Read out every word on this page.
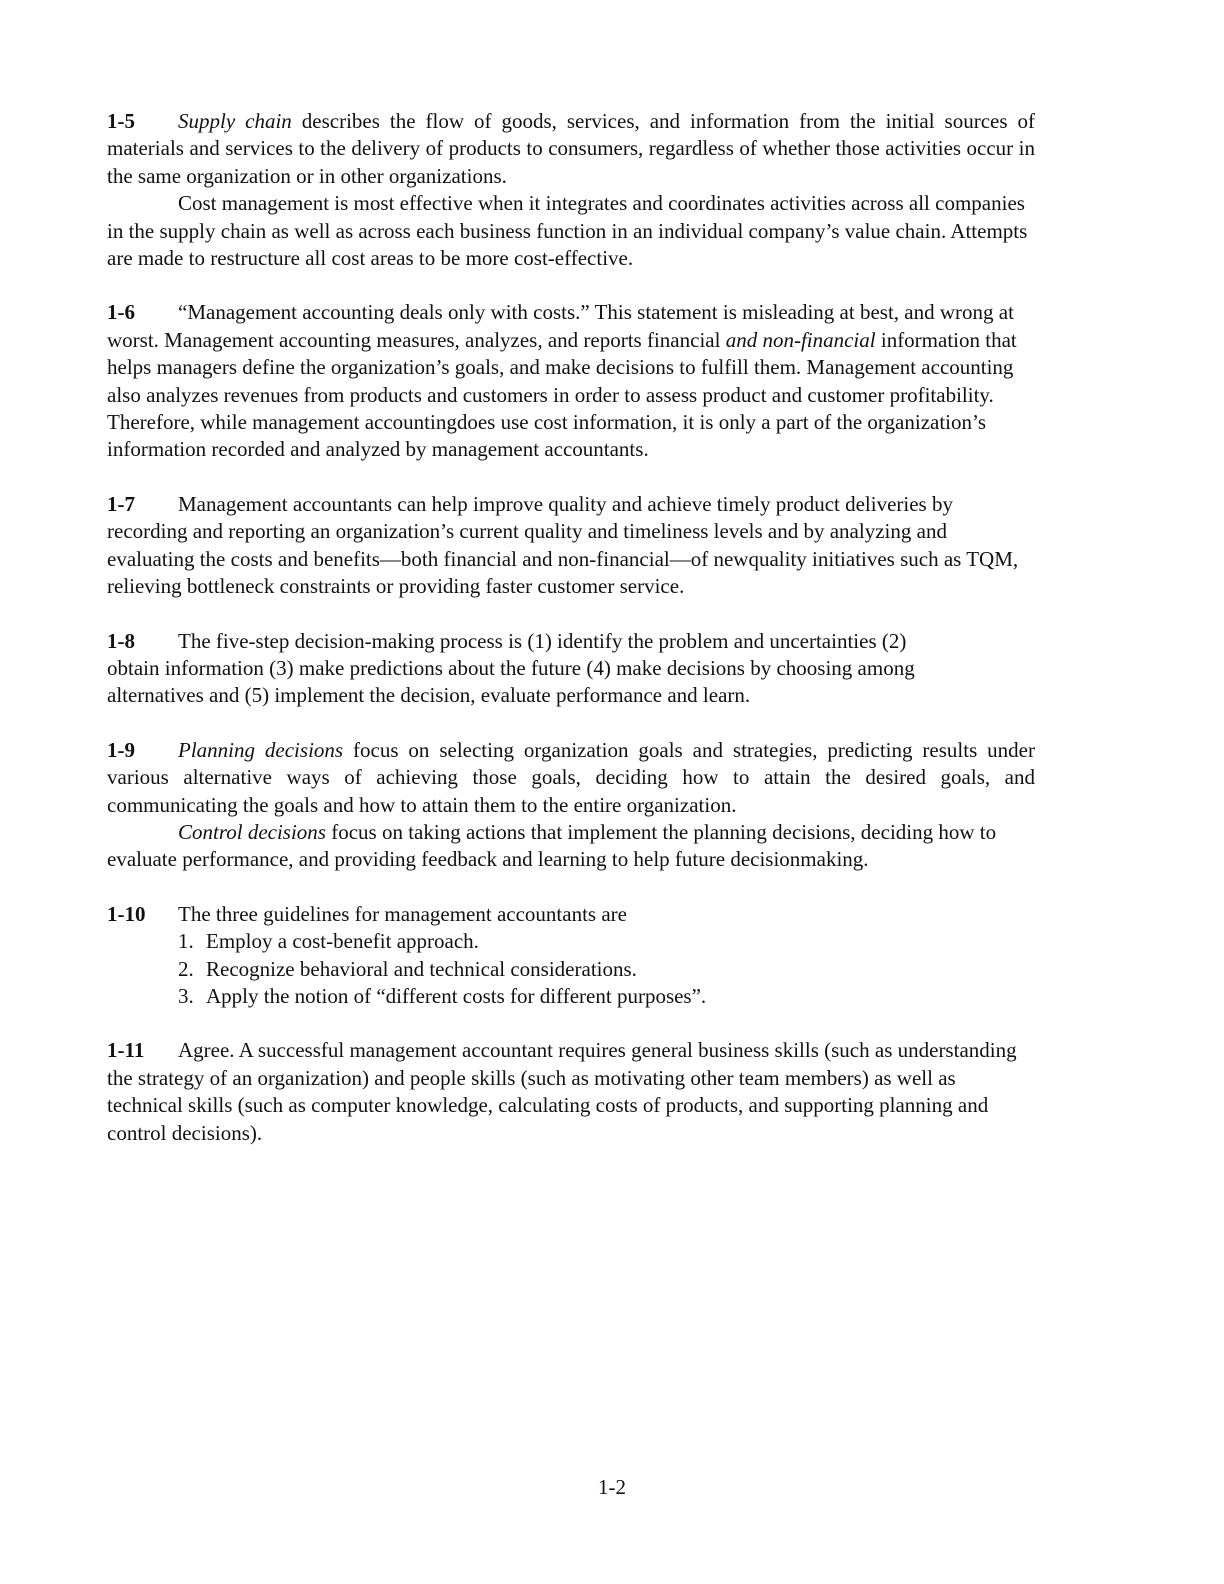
1-5 Supply chain describes the flow of goods, services, and information from the initial sources of materials and services to the delivery of products to consumers, regardless of whether those activities occur in the same organization or in other organizations.

Cost management is most effective when it integrates and coordinates activities across all companies in the supply chain as well as across each business function in an individual company’s value chain. Attempts are made to restructure all cost areas to be more cost-effective.

1-6 “Management accounting deals only with costs.” This statement is misleading at best, and wrong at worst. Management accounting measures, analyzes, and reports financial and non-financial information that helps managers define the organization’s goals, and make decisions to fulfill them. Management accounting also analyzes revenues from products and customers in order to assess product and customer profitability. Therefore, while management accountingdoes use cost information, it is only a part of the organization’s information recorded and analyzed by management accountants.

1-7 Management accountants can help improve quality and achieve timely product deliveries by recording and reporting an organization’s current quality and timeliness levels and by analyzing and evaluating the costs and benefits—both financial and non-financial—of newquality initiatives such as TQM, relieving bottleneck constraints or providing faster customer service.

1-8 The five-step decision-making process is (1) identify the problem and uncertainties (2)
obtain information (3) make predictions about the future (4) make decisions by choosing among
alternatives and (5) implement the decision, evaluate performance and learn.

1-9 Planning decisions focus on selecting organization goals and strategies, predicting results under various alternative ways of achieving those goals, deciding how to attain the desired goals, and communicating the goals and how to attain them to the entire organization.

Control decisions focus on taking actions that implement the planning decisions, deciding how to evaluate performance, and providing feedback and learning to help future decisionmaking.

1-10 The three guidelines for management accountants are

1. Employ a cost-benefit approach.
2. Recognize behavioral and technical considerations.
3. Apply the notion of “different costs for different purposes”.

1-11 Agree. A successful management accountant requires general business skills (such as understanding the strategy of an organization) and people skills (such as motivating other team members) as well as technical skills (such as computer knowledge, calculating costs of products, and supporting planning and control decisions).

1-2
